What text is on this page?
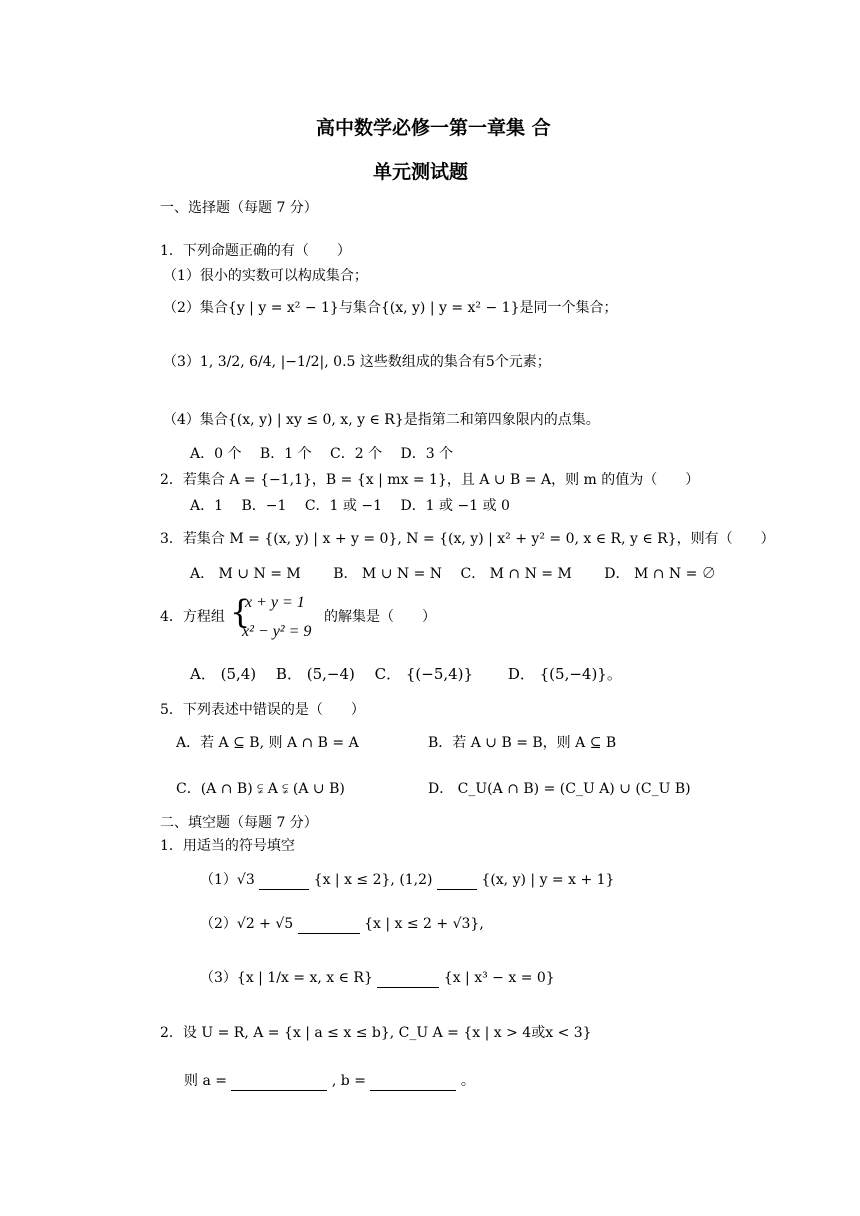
高中数学必修一第一章集 合
单元测试题
一、选择题（每题 7 分）
1．下列命题正确的有（　　）
（1）很小的实数可以构成集合；
（2）集合{y | y = x² − 1}与集合{(x, y) | y = x² − 1}是同一个集合；
（3）1, 3/2, 6/4, |−1/2|, 0.5 这些数组成的集合有5个元素；
（4）集合{(x, y) | xy ≤ 0, x, y ∈ R}是指第二和第四象限内的点集。
A．0 个　 B．1 个　 C．2 个　 D．3 个
2．若集合 A = {−1,1}，B = {x | mx = 1}，且 A ∪ B = A，则 m 的值为（　　）
A．1　 B．−1　 C．1 或 −1　 D．1 或 −1 或 0
3．若集合 M = {(x, y) | x + y = 0}, N = {(x, y) | x² + y² = 0, x ∈ R, y ∈ R}，则有（　　）
A． M ∪ N = M　　 B． M ∪ N = N　 C． M ∩ N = M　　 D． M ∩ N = ∅
4．方程组 {
x + y = 1
x² − y² = 9
的解集是（　　）
A． (5,4)　 B． (5,−4)　 C． {(−5,4)}　　 D． {(5,−4)}。
5．下列表述中错误的是（　　）
A．若 A ⊆ B, 则 A ∩ B = A	B．若 A ∪ B = B，则 A ⊆ B
C．(A ∩ B) ⫋ A ⫋ (A ∪ B)	D． C_U(A ∩ B) = (C_U A) ∪ (C_U B)
二、填空题（每题 7 分）
1．用适当的符号填空
（1）√3	{x | x ≤ 2}, (1,2)	{(x, y) | y = x + 1}
（2）√2 + √5	{x | x ≤ 2 + √3},
（3）{x | 1/x = x, x ∈ R}	{x | x³ − x = 0}
2．设 U = R, A = {x | a ≤ x ≤ b}, C_U A = {x | x > 4或x < 3}
则 a =	, b =	。
